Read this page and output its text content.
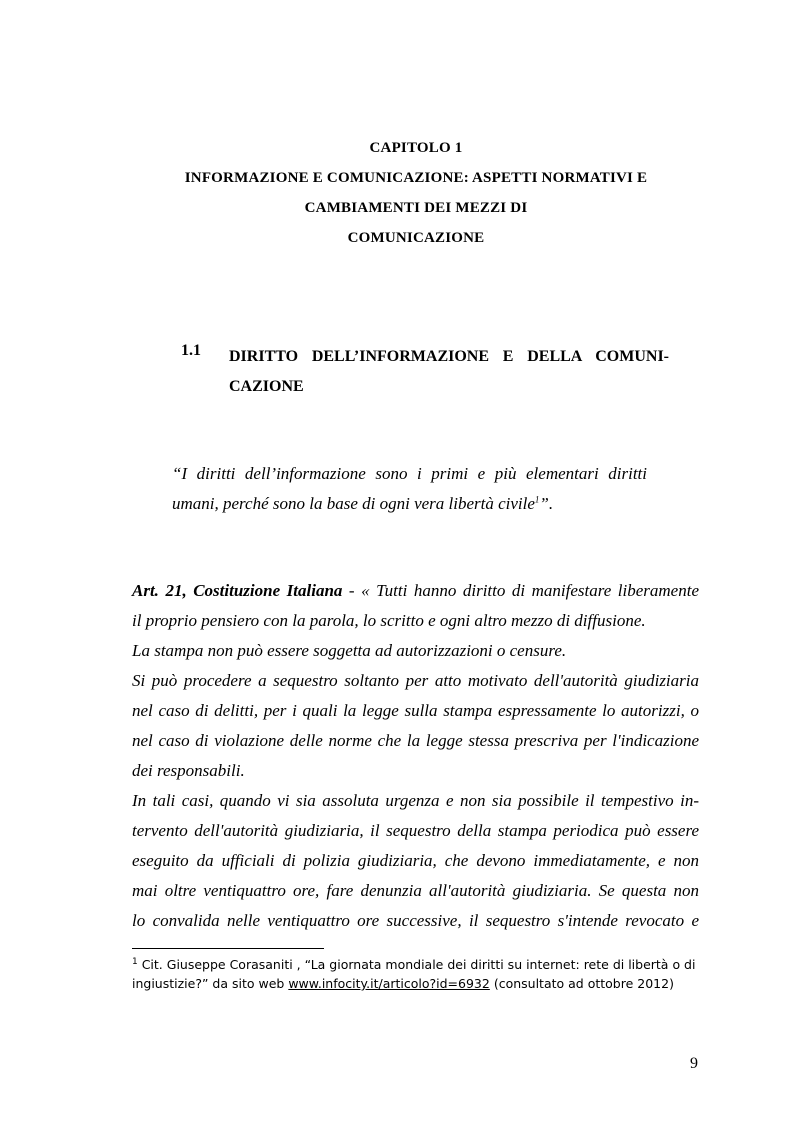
CAPITOLO 1
INFORMAZIONE E COMUNICAZIONE: ASPETTI NORMATIVI E
CAMBIAMENTI DEI MEZZI DI
COMUNICAZIONE
1.1 DIRITTO DELL’INFORMAZIONE E DELLA COMUNI-
CAZIONE
“I diritti dell’informazione sono i primi e più elementari diritti
umani, perché sono la base di ogni vera libertà civile$^1$”.
Art. 21, Costituzione Italiana - « Tutti hanno diritto di manifestare liberamente
il proprio pensiero con la parola, lo scritto e ogni altro mezzo di diffusione.
La stampa non può essere soggetta ad autorizzazioni o censure.
Si può procedere a sequestro soltanto per atto motivato dell'autorità giudiziaria
nel caso di delitti, per i quali la legge sulla stampa espressamente lo autorizzi, o
nel caso di violazione delle norme che la legge stessa prescriva per l'indicazione
dei responsabili.
In tali casi, quando vi sia assoluta urgenza e non sia possibile il tempestivo in-
tervento dell'autorità giudiziaria, il sequestro della stampa periodica può essere
eseguito da ufficiali di polizia giudiziaria, che devono immediatamente, e non
mai oltre ventiquattro ore, fare denunzia all'autorità giudiziaria. Se questa non
lo convalida nelle ventiquattro ore successive, il sequestro s'intende revocato e
$^1$ Cit. Giuseppe Corasaniti , “La giornata mondiale dei diritti su internet: rete di libertà o di
ingiustizie?” da sito web www.infocity.it/articolo?id=6932 (consultato ad ottobre 2012)
9
